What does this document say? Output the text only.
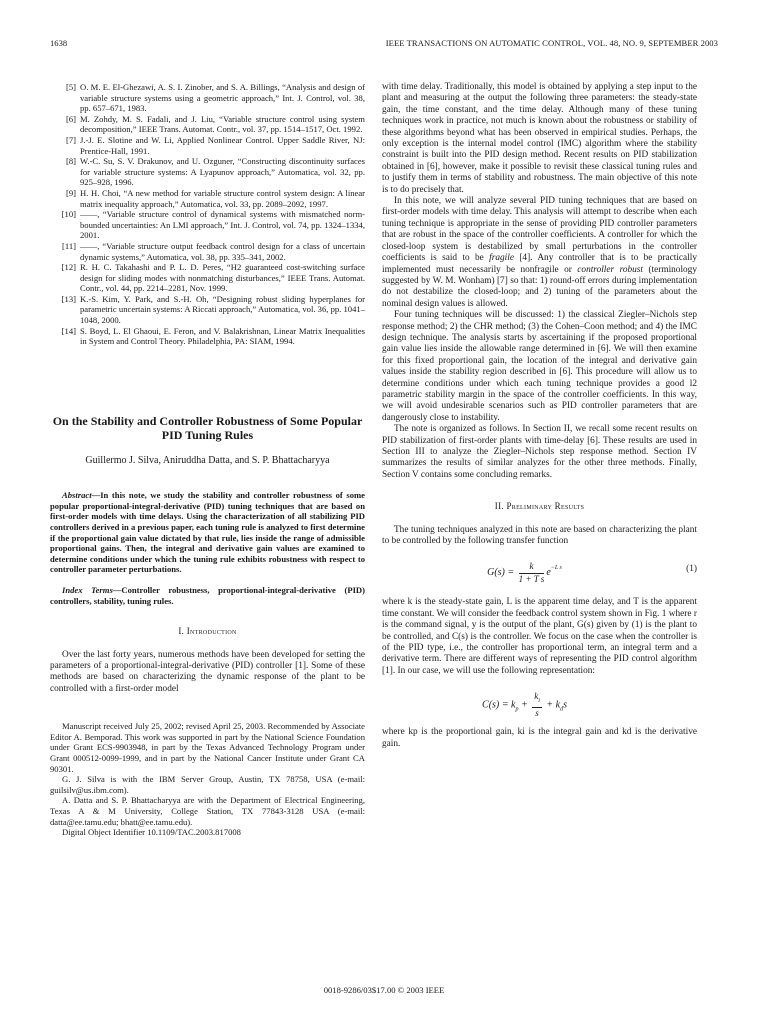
1638	IEEE TRANSACTIONS ON AUTOMATIC CONTROL, VOL. 48, NO. 9, SEPTEMBER 2003
[5] O. M. E. El-Ghezawi, A. S. I. Zinober, and S. A. Billings, “Analysis and design of variable structure systems using a geometric approach,” Int. J. Control, vol. 38, pp. 657–671, 1983.
[6] M. Zohdy, M. S. Fadali, and J. Liu, “Variable structure control using system decomposition,” IEEE Trans. Automat. Contr., vol. 37, pp. 1514–1517, Oct. 1992.
[7] J.-J. E. Slotine and W. Li, Applied Nonlinear Control. Upper Saddle River, NJ: Prentice-Hall, 1991.
[8] W.-C. Su, S. V. Drakunov, and U. Ozguner, “Constructing discontinuity surfaces for variable structure systems: A Lyapunov approach,” Automatica, vol. 32, pp. 925–928, 1996.
[9] H. H. Choi, “A new method for variable structure control system design: A linear matrix inequality approach,” Automatica, vol. 33, pp. 2089–2092, 1997.
[10] ——, “Variable structure control of dynamical systems with mismatched norm-bounded uncertainties: An LMI approach,” Int. J. Control, vol. 74, pp. 1324–1334, 2001.
[11] ——, “Variable structure output feedback control design for a class of uncertain dynamic systems,” Automatica, vol. 38, pp. 335–341, 2002.
[12] R. H. C. Takahashi and P. L. D. Peres, “H2 guaranteed cost-switching surface design for sliding modes with nonmatching disturbances,” IEEE Trans. Automat. Contr., vol. 44, pp. 2214–2281, Nov. 1999.
[13] K.-S. Kim, Y. Park, and S.-H. Oh, “Designing robust sliding hyperplanes for parametric uncertain systems: A Riccati approach,” Automatica, vol. 36, pp. 1041–1048, 2000.
[14] S. Boyd, L. El Ghaoui, E. Feron, and V. Balakrishnan, Linear Matrix Inequalities in System and Control Theory. Philadelphia, PA: SIAM, 1994.
On the Stability and Controller Robustness of Some Popular PID Tuning Rules
Guillermo J. Silva, Aniruddha Datta, and S. P. Bhattacharyya
Abstract—In this note, we study the stability and controller robustness of some popular proportional-integral-derivative (PID) tuning techniques that are based on first-order models with time delays. Using the characterization of all stabilizing PID controllers derived in a previous paper, each tuning rule is analyzed to first determine if the proportional gain value dictated by that rule, lies inside the range of admissible proportional gains. Then, the integral and derivative gain values are examined to determine conditions under which the tuning rule exhibits robustness with respect to controller parameter perturbations.
Index Terms—Controller robustness, proportional-integral-derivative (PID) controllers, stability, tuning rules.
I. Introduction

Over the last forty years, numerous methods have been developed for setting the parameters of a proportional-integral-derivative (PID) controller [1]. Some of these methods are based on characterizing the dynamic response of the plant to be controlled with a first-order model

Manuscript received July 25, 2002; revised April 25, 2003. Recommended by Associate Editor A. Bemporad. This work was supported in part by the National Science Foundation under Grant ECS-9903948, in part by the Texas Advanced Technology Program under Grant 000512-0099-1999, and in part by the National Cancer Institute under Grant CA 90301.

G. J. Silva is with the IBM Server Group, Austin, TX 78758, USA (e-mail: guilsilv@us.ibm.com).

A. Datta and S. P. Bhattacharyya are with the Department of Electrical Engineering, Texas A & M University, College Station, TX 77843-3128 USA (e-mail: datta@ee.tamu.edu; bhatt@ee.tamu.edu).

Digital Object Identifier 10.1109/TAC.2003.817008

with time delay. Traditionally, this model is obtained by applying a step input to the plant and measuring at the output the following three parameters: the steady-state gain, the time constant, and the time delay. Although many of these tuning techniques work in practice, not much is known about the robustness or stability of these algorithms beyond what has been observed in empirical studies. Perhaps, the only exception is the internal model control (IMC) algorithm where the stability constraint is built into the PID design method. Recent results on PID stabilization obtained in [6], however, make it possible to revisit these classical tuning rules and to justify them in terms of stability and robustness. The main objective of this note is to do precisely that.

In this note, we will analyze several PID tuning techniques that are based on first-order models with time delay. This analysis will attempt to describe when each tuning technique is appropriate in the sense of providing PID controller parameters that are robust in the space of the controller coefficients. A controller for which the closed-loop system is destabilized by small perturbations in the controller coefficients is said to be fragile [4]. Any controller that is to be practically implemented must necessarily be nonfragile or controller robust (terminology suggested by W. M. Wonham) [7] so that: 1) round-off errors during implementation do not destabilize the closed-loop; and 2) tuning of the parameters about the nominal design values is allowed.

Four tuning techniques will be discussed: 1) the classical Ziegler–Nichols step response method; 2) the CHR method; (3) the Cohen–Coon method; and 4) the IMC design technique. The analysis starts by ascertaining if the proposed proportional gain value lies inside the allowable range determined in [6]. We will then examine for this fixed proportional gain, the location of the integral and derivative gain values inside the stability region described in [6]. This procedure will allow us to determine conditions under which each tuning technique provides a good l2 parametric stability margin in the space of the controller coefficients. In this way, we will avoid undesirable scenarios such as PID controller parameters that are dangerously close to instability.

The note is organized as follows. In Section II, we recall some recent results on PID stabilization of first-order plants with time-delay [6]. These results are used in Section III to analyze the Ziegler–Nichols step response method. Section IV summarizes the results of similar analyzes for the other three methods. Finally, Section V contains some concluding remarks.

II. Preliminary Results

The tuning techniques analyzed in this note are based on characterizing the plant to be controlled by the following transfer function

$G(s) = \frac{k}{\text{1 + T s}} e^{-L s}$	(1)

where k is the steady-state gain, L is the apparent time delay, and T is the apparent time constant. We will consider the feedback control system shown in Fig. 1 where r is the command signal, y is the output of the plant, G(s) given by (1) is the plant to be controlled, and C(s) is the controller. We focus on the case when the controller is of the PID type, i.e., the controller has proportional term, an integral term and a derivative term. There are different ways of representing the PID control algorithm [1]. In our case, we will use the following representation:

$C(s) = k_p + \frac{k_i}{s} + k_ds$

where kp is the proportional gain, ki is the integral gain and kd is the derivative gain.

0018-9286/03$17.00 © 2003 IEEE
